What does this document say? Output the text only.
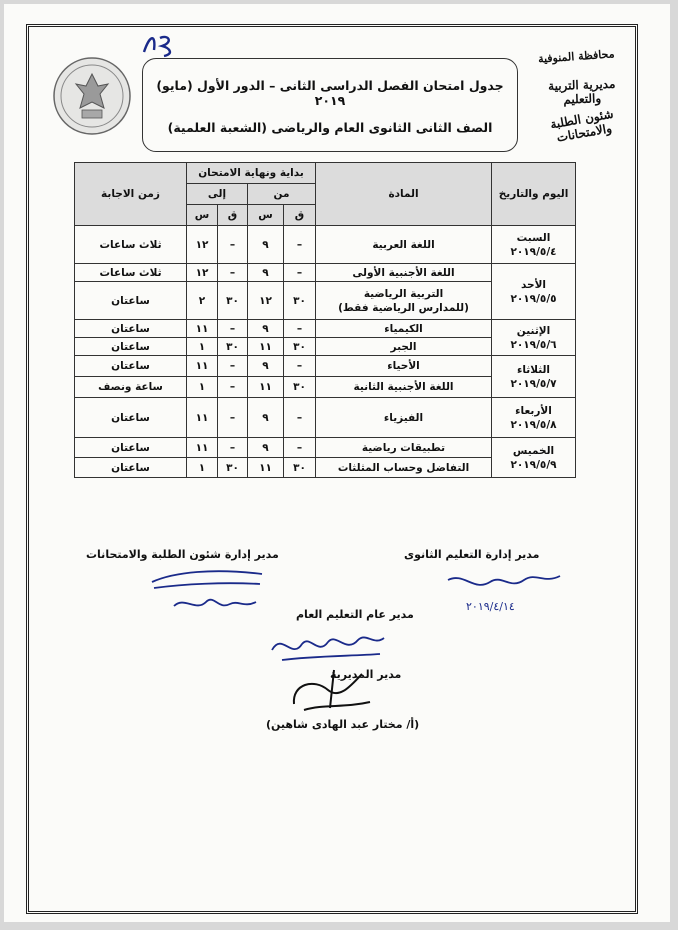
جدول امتحان الفصل الدراسى الثانى – الدور الأول (مايو) ٢٠١٩
الصف الثانى الثانوى العام والرياضى (الشعبة العلمية)
محافظة المنوفية
مديرية التربية والتعليم
شئون الطلبة والامتحانات
اليوم والتاريخ	المادة	بداية ونهاية الامتحان				زمن الاجابة
		من		إلى		
		ق	س	ق	س	

السبت
٢٠١٩/٥/٤	اللغة العربية	–	٩	–	١٢	ثلاث ساعات

الأحد
٢٠١٩/٥/٥	اللغة الأجنبية الأولى	–	٩	–	١٢	ثلاث ساعات

	التربية الرياضية
(للمدارس الرياضية فقط)	٣٠	١٢	٣٠	٢	ساعتان

الإثنين
٢٠١٩/٥/٦	الكيمياء	–	٩	–	١١	ساعتان
	الجبر	٣٠	١١	٣٠	١	ساعتان

الثلاثاء
٢٠١٩/٥/٧	الأحياء	–	٩	–	١١	ساعتان
	اللغة الأجنبية الثانية	٣٠	١١	–	١	ساعة ونصف

الأربعاء
٢٠١٩/٥/٨	الفيزياء	–	٩	–	١١	ساعتان

الخميس
٢٠١٩/٥/٩	تطبيقات رياضية	–	٩	–	١١	ساعتان
	التفاضل وحساب المثلثات	٣٠	١١	٣٠	١	ساعتان
مدير إدارة التعليم الثانوى
مدير إدارة شئون الطلبة والامتحانات
٢٠١٩/٤/١٤
مدير عام التعليم العام
مدير المديرية
(أ/ مختار عبد الهادى شاهين)
